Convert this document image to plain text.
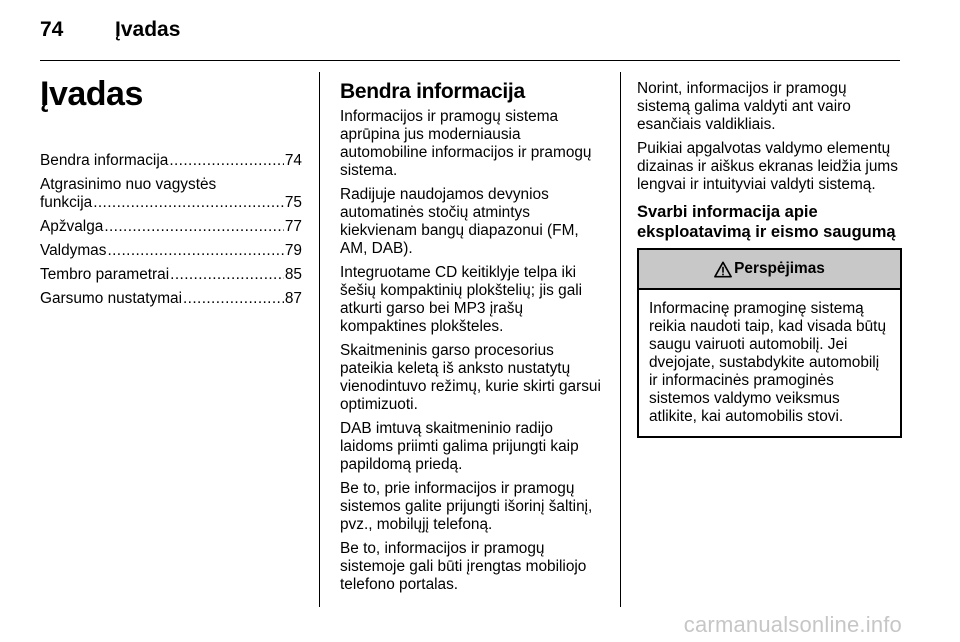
74 Įvadas
Įvadas
Bendra informacija .....	74
Atgrasinimo nuo vagystės
funkcija .....	75
Apžvalga .....	77
Valdymas .....	79
Tembro parametrai .....	85
Garsumo nustatymai .....	87
Bendra informacija

Informacijos ir pramogų sistema aprūpina jus moderniausia automobiline informacijos ir pramogų sistema.

Radijuje naudojamos devynios automatinės stočių atmintys kiekvienam bangų diapazonui (FM, AM, DAB).

Integruotame CD keitiklyje telpa iki šešių kompaktinių plokštelių; jis gali atkurti garso bei MP3 įrašų kompaktines plokšteles.

Skaitmeninis garso procesorius pateikia keletą iš anksto nustatytų vienodintuvo režimų, kurie skirti garsui optimizuoti.

DAB imtuvą skaitmeninio radijo laidoms priimti galima prijungti kaip papildomą priedą.

Be to, prie informacijos ir pramogų sistemos galite prijungti išorinį šaltinį, pvz., mobilųjį telefoną.

Be to, informacijos ir pramogų sistemoje gali būti įrengtas mobiliojo telefono portalas.

Norint, informacijos ir pramogų sistemą galima valdyti ant vairo esančiais valdikliais.

Puikiai apgalvotas valdymo elementų dizainas ir aiškus ekranas leidžia jums lengvai ir intuityviai valdyti sistemą.

Svarbi informacija apie eksploatavimą ir eismo saugumą
Perspėjimas
Informacinę pramoginę sistemą reikia naudoti taip, kad visada būtų saugu vairuoti automobilį. Jei dvejojate, sustabdykite automobilį ir informacinės pramoginės sistemos valdymo veiksmus atlikite, kai automobilis stovi.
carmanualsonline.info
